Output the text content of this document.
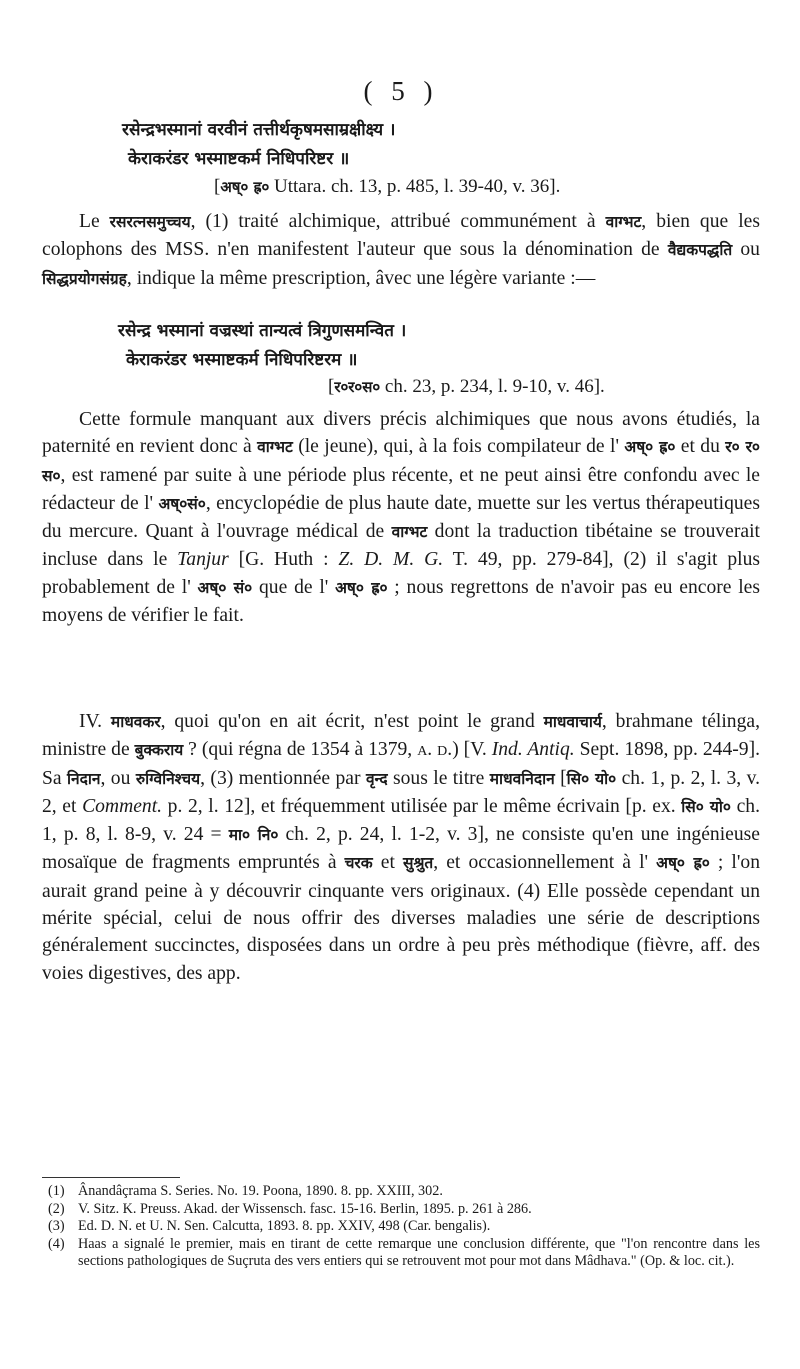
( 5 )
रसेन्द्रभस्मानां वरवीनं तत्तीर्थकृषमसाम्रक्षीक्ष्य ।
केराकरंडर भस्माष्टकर्म निधिपरिष्टर ॥
[अष्० ह्र० Uttara. ch. 13, p. 485, l. 39-40, v. 36].

Le रसरत्नसमुच्चय, (1) traité alchimique, attribué communément à वाग्भट, bien que les colophons des MSS. n'en manifestent l'auteur que sous la dénomination de वैद्यकपद्धति ou सिद्धप्रयोगसंग्रह, indique la même prescription, âvec une légère variante :—

रसेन्द्र भस्मानां वज्रस्थां तान्यत्वं त्रिगुणसमन्वित ।
केराकरंडर भस्माष्टकर्म निधिपरिष्टरम ॥
[र०र०स० ch. 23, p. 234, l. 9-10, v. 46].

Cette formule manquant aux divers précis alchimiques que nous avons étudiés, la paternité en revient donc à वाग्भट (le jeune), qui, à la fois compilateur de l' अष्० ह्र० et du र० र० स०, est ramené par suite à une période plus récente, et ne peut ainsi être confondu avec le rédacteur de l' अष्०सं०, encyclopédie de plus haute date, muette sur les vertus thérapeutiques du mercure. Quant à l'ouvrage médical de वाग्भट dont la traduction tibétaine se trouverait incluse dans le Tanjur [G. Huth : Z. D. M. G. T. 49, pp. 279-84], (2) il s'agit plus probablement de l' अष्० सं० que de l' अष्० ह्र० ; nous regrettons de n'avoir pas eu encore les moyens de vérifier le fait.

IV. माधवकर, quoi qu'on en ait écrit, n'est point le grand माधवाचार्य, brahmane télinga, ministre de बुक्कराय ? (qui régna de 1354 à 1379, a. d.) [V. Ind. Antiq. Sept. 1898, pp. 244-9]. Sa निदान, ou रुग्विनिश्चय, (3) mentionnée par वृन्द sous le titre माधवनिदान [सि० यो० ch. 1, p. 2, l. 3, v. 2, et Comment. p. 2, l. 12], et fréquemment utilisée par le même écrivain [p. ex. सि० यो० ch. 1, p. 8, l. 8-9, v. 24 = मा० नि० ch. 2, p. 24, l. 1-2, v. 3], ne consiste qu'en une ingénieuse mosaïque de fragments empruntés à चरक et सुश्रुत, et occasionnellement à l' अष्० ह्र० ; l'on aurait grand peine à y découvrir cinquante vers originaux. (4) Elle possède cependant un mérite spécial, celui de nous offrir des diverses maladies une série de descriptions généralement succinctes, disposées dans un ordre à peu près méthodique (fièvre, aff. des voies digestives, des app.

(1) Ânandâçrama S. Series. No. 19. Poona, 1890. 8. pp. XXIII, 302.
(2) V. Sitz. K. Preuss. Akad. der Wissensch. fasc. 15-16. Berlin, 1895. p. 261 à 286.
(3) Ed. D. N. et U. N. Sen. Calcutta, 1893. 8. pp. XXIV, 498 (Car. bengalis).
(4) Haas a signalé le premier, mais en tirant de cette remarque une conclusion différente, que "l'on rencontre dans les sections pathologiques de Suçruta des vers entiers qui se retrouvent mot pour mot dans Mâdhava." (Op. & loc. cit.).
